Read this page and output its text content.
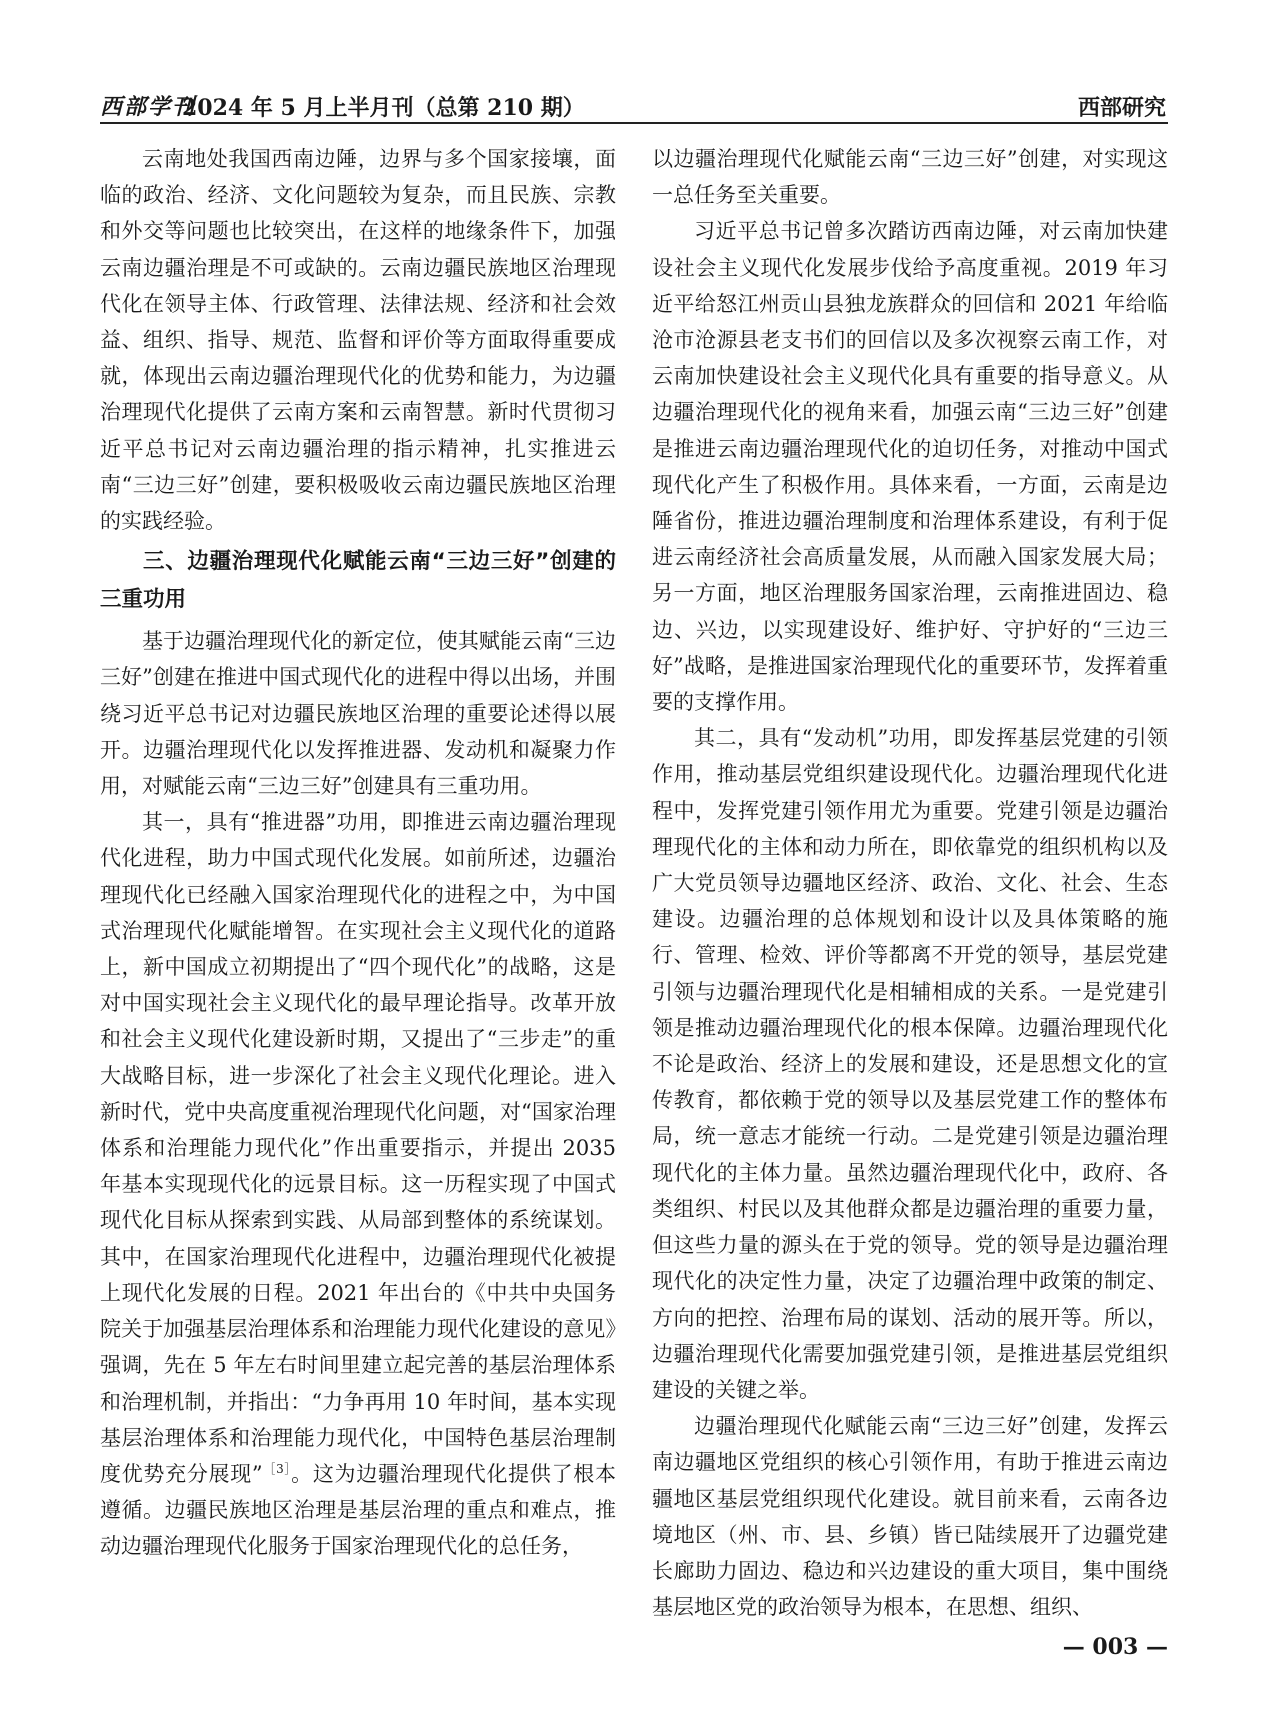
西部学刊
2024 年 5 月上半月刊（总第 210 期）	西部研究

云南地处我国西南边陲，边界与多个国家接壤，面临的政治、经济、文化问题较为复杂，而且民族、宗教和外交等问题也比较突出，在这样的地缘条件下，加强云南边疆治理是不可或缺的。云南边疆民族地区治理现代化在领导主体、行政管理、法律法规、经济和社会效益、组织、指导、规范、监督和评价等方面取得重要成就，体现出云南边疆治理现代化的优势和能力，为边疆治理现代化提供了云南方案和云南智慧。新时代贯彻习近平总书记对云南边疆治理的指示精神，扎实推进云南“三边三好”创建，要积极吸收云南边疆民族地区治理的实践经验。

三、边疆治理现代化赋能云南“三边三好”创建的三重功用

基于边疆治理现代化的新定位，使其赋能云南“三边三好”创建在推进中国式现代化的进程中得以出场，并围绕习近平总书记对边疆民族地区治理的重要论述得以展开。边疆治理现代化以发挥推进器、发动机和凝聚力作用，对赋能云南“三边三好”创建具有三重功用。

其一，具有“推进器”功用，即推进云南边疆治理现代化进程，助力中国式现代化发展。如前所述，边疆治理现代化已经融入国家治理现代化的进程之中，为中国式治理现代化赋能增智。在实现社会主义现代化的道路上，新中国成立初期提出了“四个现代化”的战略，这是对中国实现社会主义现代化的最早理论指导。改革开放和社会主义现代化建设新时期，又提出了“三步走”的重大战略目标，进一步深化了社会主义现代化理论。进入新时代，党中央高度重视治理现代化问题，对“国家治理体系和治理能力现代化”作出重要指示，并提出 2035 年基本实现现代化的远景目标。这一历程实现了中国式现代化目标从探索到实践、从局部到整体的系统谋划。其中，在国家治理现代化进程中，边疆治理现代化被提上现代化发展的日程。2021 年出台的《中共中央国务院关于加强基层治理体系和治理能力现代化建设的意见》强调，先在 5 年左右时间里建立起完善的基层治理体系和治理机制，并指出：“力争再用 10 年时间，基本实现基层治理体系和治理能力现代化，中国特色基层治理制度优势充分展现”$^{[3]}$。这为边疆治理现代化提供了根本遵循。边疆民族地区治理是基层治理的重点和难点，推动边疆治理现代化服务于国家治理现代化的总任务，

以边疆治理现代化赋能云南“三边三好”创建，对实现这一总任务至关重要。

习近平总书记曾多次踏访西南边陲，对云南加快建设社会主义现代化发展步伐给予高度重视。2019 年习近平给怒江州贡山县独龙族群众的回信和 2021 年给临沧市沧源县老支书们的回信以及多次视察云南工作，对云南加快建设社会主义现代化具有重要的指导意义。从边疆治理现代化的视角来看，加强云南“三边三好”创建是推进云南边疆治理现代化的迫切任务，对推动中国式现代化产生了积极作用。具体来看，一方面，云南是边陲省份，推进边疆治理制度和治理体系建设，有利于促进云南经济社会高质量发展，从而融入国家发展大局；另一方面，地区治理服务国家治理，云南推进固边、稳边、兴边，以实现建设好、维护好、守护好的“三边三好”战略，是推进国家治理现代化的重要环节，发挥着重要的支撑作用。

其二，具有“发动机”功用，即发挥基层党建的引领作用，推动基层党组织建设现代化。边疆治理现代化进程中，发挥党建引领作用尤为重要。党建引领是边疆治理现代化的主体和动力所在，即依靠党的组织机构以及广大党员领导边疆地区经济、政治、文化、社会、生态建设。边疆治理的总体规划和设计以及具体策略的施行、管理、检效、评价等都离不开党的领导，基层党建引领与边疆治理现代化是相辅相成的关系。一是党建引领是推动边疆治理现代化的根本保障。边疆治理现代化不论是政治、经济上的发展和建设，还是思想文化的宣传教育，都依赖于党的领导以及基层党建工作的整体布局，统一意志才能统一行动。二是党建引领是边疆治理现代化的主体力量。虽然边疆治理现代化中，政府、各类组织、村民以及其他群众都是边疆治理的重要力量，但这些力量的源头在于党的领导。党的领导是边疆治理现代化的决定性力量，决定了边疆治理中政策的制定、方向的把控、治理布局的谋划、活动的展开等。所以，边疆治理现代化需要加强党建引领，是推进基层党组织建设的关键之举。

边疆治理现代化赋能云南“三边三好”创建，发挥云南边疆地区党组织的核心引领作用，有助于推进云南边疆地区基层党组织现代化建设。就目前来看，云南各边境地区（州、市、县、乡镇）皆已陆续展开了边疆党建长廊助力固边、稳边和兴边建设的重大项目，集中围绕基层地区党的政治领导为根本，在思想、组织、

— 003 —
